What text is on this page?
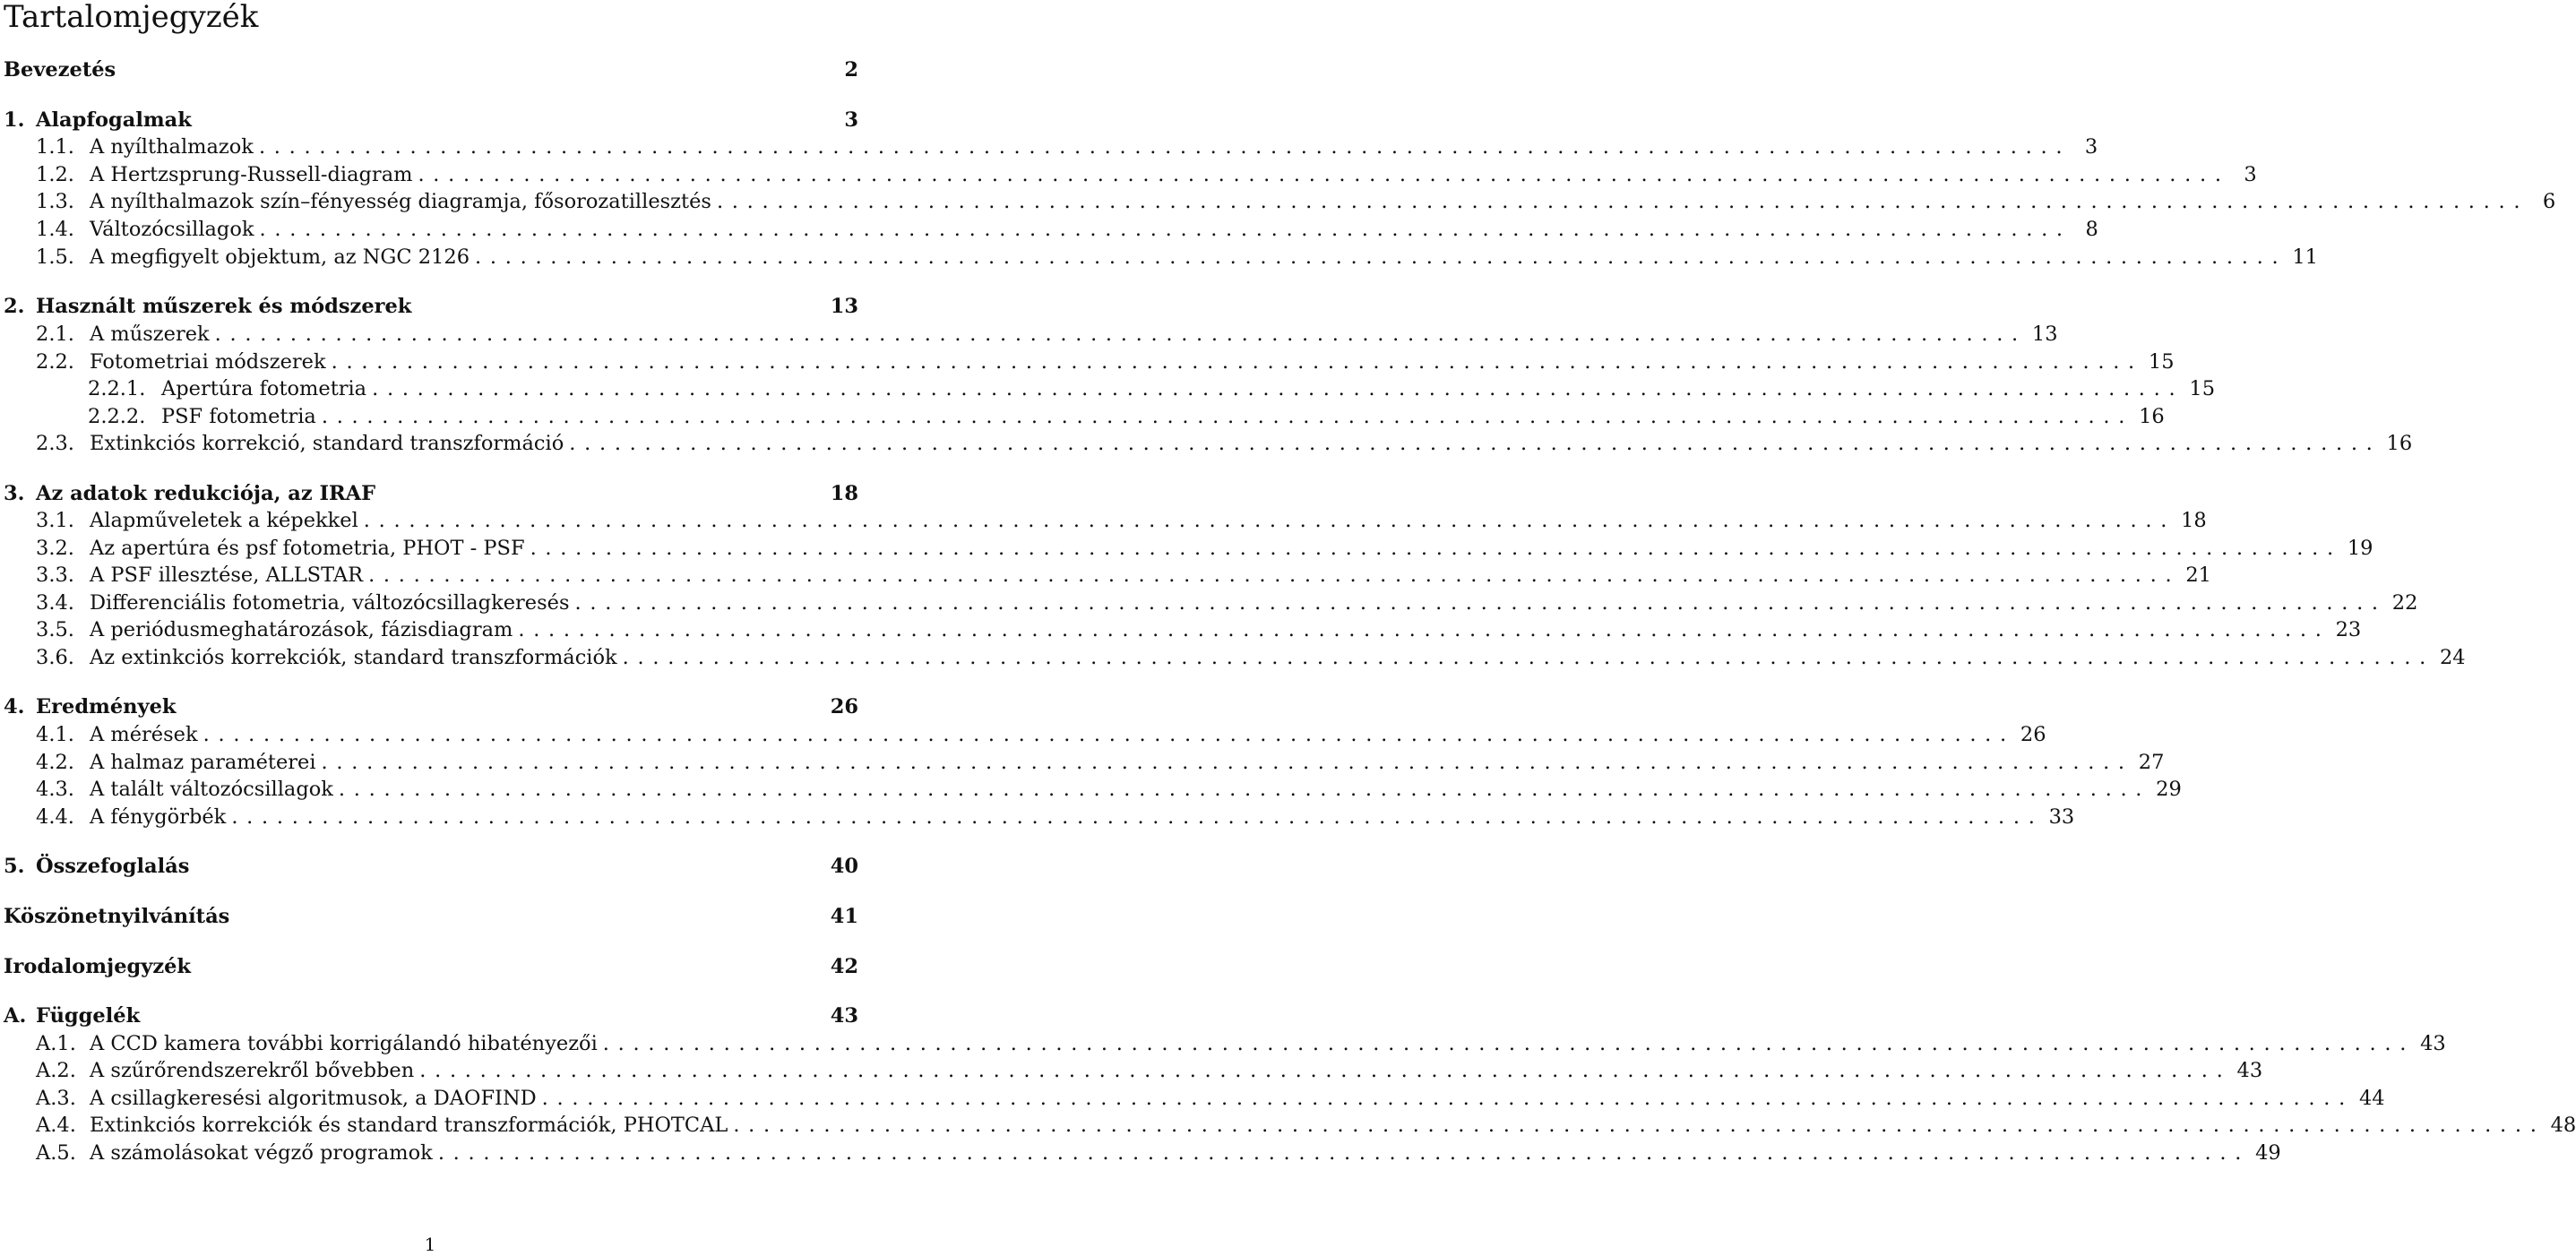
Tartalomjegyzék
Bevezetés	2
1. Alapfogalmak	3
1.1. A nyílthalmazok ........................................................................................................................ 3
1.2. A Hertzsprung-Russell-diagram ........................................................................................................................ 3
1.3. A nyílthalmazok szín–fényesség diagramja, fősorozatillesztés ........................................................................................................................ 6
1.4. Változócsillagok ........................................................................................................................ 8
1.5. A megfigyelt objektum, az NGC 2126 ........................................................................................................................ 11
2. Használt műszerek és módszerek	13
2.1. A műszerek ........................................................................................................................ 13
2.2. Fotometriai módszerek ........................................................................................................................ 15
2.2.1. Apertúra fotometria ........................................................................................................................ 15
2.2.2. PSF fotometria ........................................................................................................................ 16
2.3. Extinkciós korrekció, standard transzformáció ........................................................................................................................ 16
3. Az adatok redukciója, az IRAF	18
3.1. Alapműveletek a képekkel ........................................................................................................................ 18
3.2. Az apertúra és psf fotometria, PHOT - PSF ........................................................................................................................ 19
3.3. A PSF illesztése, ALLSTAR ........................................................................................................................ 21
3.4. Differenciális fotometria, változócsillagkeresés ........................................................................................................................ 22
3.5. A periódusmeghatározások, fázisdiagram ........................................................................................................................ 23
3.6. Az extinkciós korrekciók, standard transzformációk ........................................................................................................................ 24
4. Eredmények	26
4.1. A mérések ........................................................................................................................ 26
4.2. A halmaz paraméterei ........................................................................................................................ 27
4.3. A talált változócsillagok ........................................................................................................................ 29
4.4. A fénygörbék ........................................................................................................................ 33
5. Összefoglalás	40
Köszönetnyilvánítás	41
Irodalomjegyzék	42
A. Függelék	43
A.1. A CCD kamera további korrigálandó hibatényezői ........................................................................................................................ 43
A.2. A szűrőrendszerekről bővebben ........................................................................................................................ 43
A.3. A csillagkeresési algoritmusok, a DAOFIND ........................................................................................................................ 44
A.4. Extinkciós korrekciók és standard transzformációk, PHOTCAL ........................................................................................................................ 48
A.5. A számolásokat végző programok ........................................................................................................................ 49
1
